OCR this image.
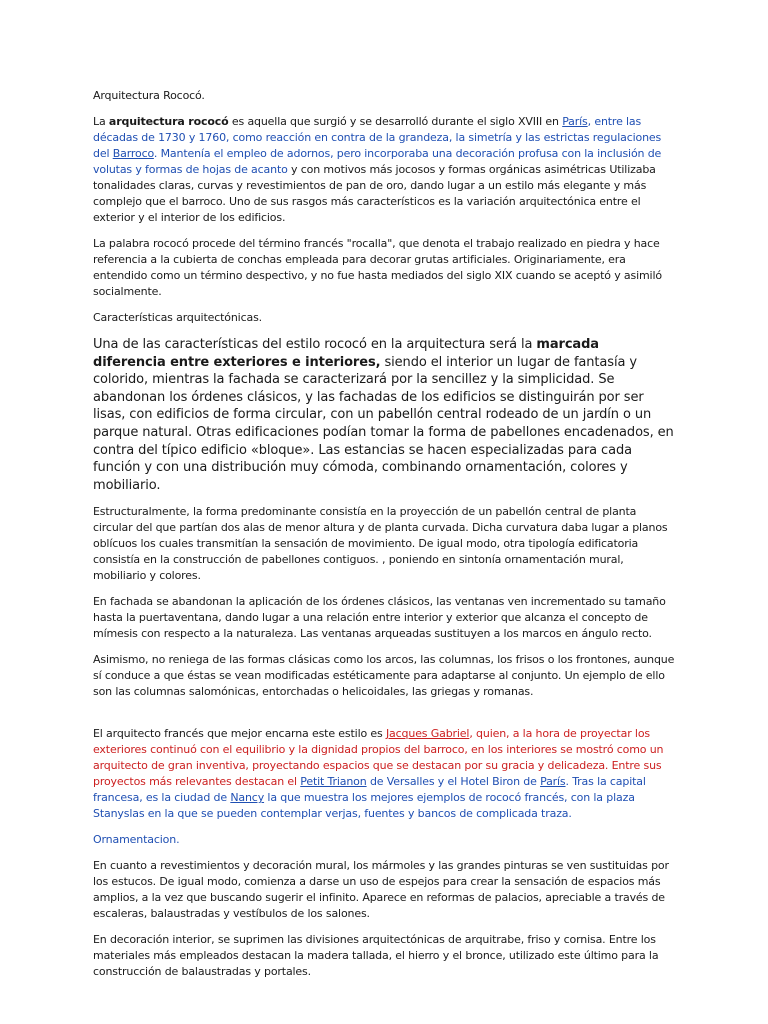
Arquitectura Rococó.

La arquitectura rococó es aquella que surgió y se desarrolló durante el siglo XVIII en París, entre las décadas de 1730 y 1760, como reacción en contra de la grandeza, la simetría y las estrictas regulaciones del Barroco. Mantenía el empleo de adornos, pero incorporaba una decoración profusa con la inclusión de volutas y formas de hojas de acanto y con motivos más jocosos y formas orgánicas asimétricas Utilizaba tonalidades claras, curvas y revestimientos de pan de oro, dando lugar a un estilo más elegante y más complejo que el barroco. Uno de sus rasgos más característicos es la variación arquitectónica entre el exterior y el interior de los edificios.

La palabra rococó procede del término francés "rocalla", que denota el trabajo realizado en piedra y hace referencia a la cubierta de conchas empleada para decorar grutas artificiales. Originariamente, era entendido como un término despectivo, y no fue hasta mediados del siglo XIX cuando se aceptó y asimiló socialmente.

Características arquitectónicas.

Una de las características del estilo rococó en la arquitectura será la marcada diferencia entre exteriores e interiores, siendo el interior un lugar de fantasía y colorido, mientras la fachada se caracterizará por la sencillez y la simplicidad. Se abandonan los órdenes clásicos, y las fachadas de los edificios se distinguirán por ser lisas, con edificios de forma circular, con un pabellón central rodeado de un jardín o un parque natural. Otras edificaciones podían tomar la forma de pabellones encadenados, en contra del típico edificio «bloque». Las estancias se hacen especializadas para cada función y con una distribución muy cómoda, combinando ornamentación, colores y mobiliario.

Estructuralmente, la forma predominante consistía en la proyección de un pabellón central de planta circular del que partían dos alas de menor altura y de planta curvada. Dicha curvatura daba lugar a planos oblícuos los cuales transmitían la sensación de movimiento. De igual modo, otra tipología edificatoria consistía en la construcción de pabellones contiguos. , poniendo en sintonía ornamentación mural, mobiliario y colores.

En fachada se abandonan la aplicación de los órdenes clásicos, las ventanas ven incrementado su tamaño hasta la puertaventana, dando lugar a una relación entre interior y exterior que alcanza el concepto de mímesis con respecto a la naturaleza. Las ventanas arqueadas sustituyen a los marcos en ángulo recto.

Asimismo, no reniega de las formas clásicas como los arcos, las columnas, los frisos o los frontones, aunque sí conduce a que éstas se vean modificadas estéticamente para adaptarse al conjunto. Un ejemplo de ello son las columnas salomónicas, entorchadas o helicoidales, las griegas y romanas.

El arquitecto francés que mejor encarna este estilo es Jacques Gabriel, quien, a la hora de proyectar los exteriores continuó con el equilibrio y la dignidad propios del barroco, en los interiores se mostró como un arquitecto de gran inventiva, proyectando espacios que se destacan por su gracia y delicadeza. Entre sus proyectos más relevantes destacan el Petit Trianon de Versalles y el Hotel Biron de París. Tras la capital francesa, es la ciudad de Nancy la que muestra los mejores ejemplos de rococó francés, con la plaza Stanyslas en la que se pueden contemplar verjas, fuentes y bancos de complicada traza.

Ornamentacion.

En cuanto a revestimientos y decoración mural, los mármoles y las grandes pinturas se ven sustituidas por los estucos. De igual modo, comienza a darse un uso de espejos para crear la sensación de espacios más amplios, a la vez que buscando sugerir el infinito. Aparece en reformas de palacios, apreciable a través de escaleras, balaustradas y vestíbulos de los salones.

En decoración interior, se suprimen las divisiones arquitectónicas de arquitrabe, friso y cornisa. Entre los materiales más empleados destacan la madera tallada, el hierro y el bronce, utilizado este último para la construcción de balaustradas y portales.
